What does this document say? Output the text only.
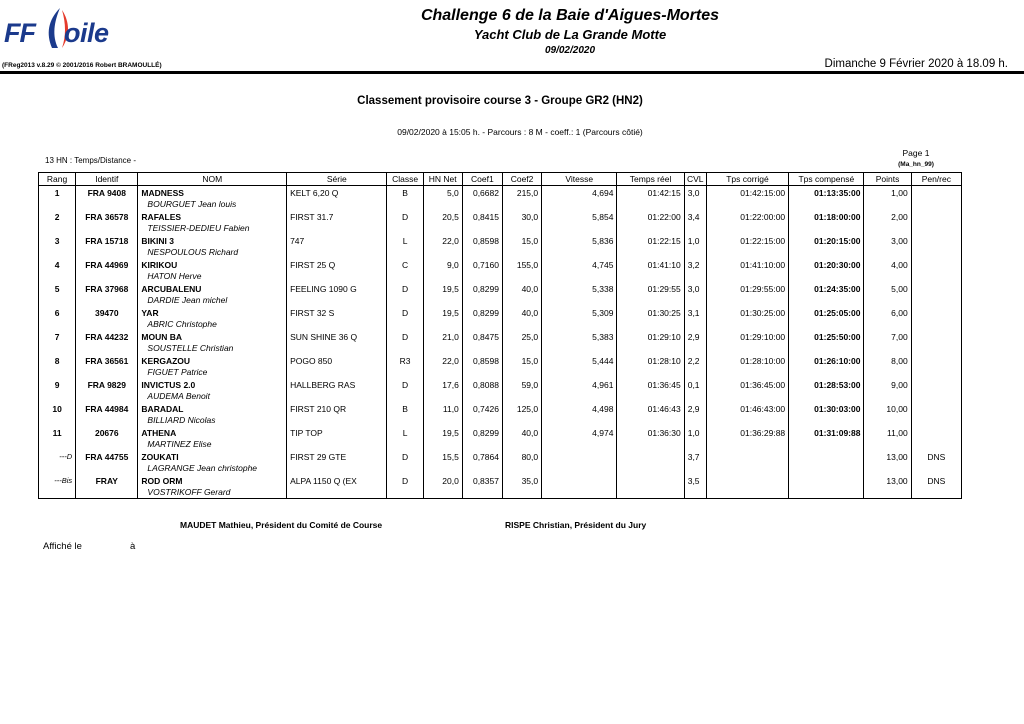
FF oile
Challenge 6 de la Baie d'Aigues-Mortes
Yacht Club de La Grande Motte
09/02/2020
(FReg2013 v.8.29 © 2001/2016 Robert BRAMOULLÉ)	Dimanche 9 Février 2020 à 18.09 h.
Classement provisoire course 3 - Groupe GR2 (HN2)
09/02/2020 à 15:05 h. - Parcours : 8 M - coeff.: 1 (Parcours côtié)
13 HN : Temps/Distance -
Page 1
(Ma_hn_99)
Rang	Identif	NOM	Série	Classe	HN Net	Coef1	Coef2	Vitesse	Temps réel	CVL	Tps corrigé	Tps compensé	Points	Pen/rec
1	FRA 9408	MADNESS
BOURGUET Jean louis	KELT 6,20 Q	B	5,0	0,6682	215,0	4,694	01:42:15	3,0	01:42:15:00	01:13:35:00	1,00	
2	FRA 36578	RAFALES
TEISSIER-DEDIEU Fabien	FIRST 31.7	D	20,5	0,8415	30,0	5,854	01:22:00	3,4	01:22:00:00	01:18:00:00	2,00	
3	FRA 15718	BIKINI 3
NESPOULOUS Richard	747	L	22,0	0,8598	15,0	5,836	01:22:15	1,0	01:22:15:00	01:20:15:00	3,00	
4	FRA 44969	KIRIKOU
HATON Herve	FIRST 25 Q	C	9,0	0,7160	155,0	4,745	01:41:10	3,2	01:41:10:00	01:20:30:00	4,00	
5	FRA 37968	ARCUBALENU
DARDIE Jean michel	FEELING 1090 G	D	19,5	0,8299	40,0	5,338	01:29:55	3,0	01:29:55:00	01:24:35:00	5,00	
6	39470	YAR
ABRIC Christophe	FIRST 32 S	D	19,5	0,8299	40,0	5,309	01:30:25	3,1	01:30:25:00	01:25:05:00	6,00	
7	FRA 44232	MOUN BA
SOUSTELLE Christian	SUN SHINE 36 Q	D	21,0	0,8475	25,0	5,383	01:29:10	2,9	01:29:10:00	01:25:50:00	7,00	
8	FRA 36561	KERGAZOU
FIGUET Patrice	POGO 850	R3	22,0	0,8598	15,0	5,444	01:28:10	2,2	01:28:10:00	01:26:10:00	8,00	
9	FRA 9829	INVICTUS 2.0
AUDEMA Benoit	HALLBERG RAS	D	17,6	0,8088	59,0	4,961	01:36:45	0,1	01:36:45:00	01:28:53:00	9,00	
10	FRA 44984	BARADAL
BILLIARD Nicolas	FIRST 210 QR	B	11,0	0,7426	125,0	4,498	01:46:43	2,9	01:46:43:00	01:30:03:00	10,00	
11	20676	ATHENA
MARTINEZ Elise	TIP TOP	L	19,5	0,8299	40,0	4,974	01:36:30	1,0	01:36:29:88	01:31:09:88	11,00	
---D	FRA 44755	ZOUKATI
LAGRANGE Jean christophe	FIRST 29 GTE	D	15,5	0,7864	80,0			3,7			13,00	DNS
---Bis	FRAY	ROD ORM
VOSTRIKOFF Gerard	ALPA 1150 Q (EX	D	20,0	0,8357	35,0			3,5			13,00	DNS
MAUDET Mathieu, Président du Comité de Course	RISPE Christian, Président du Jury
Affiché le	à
